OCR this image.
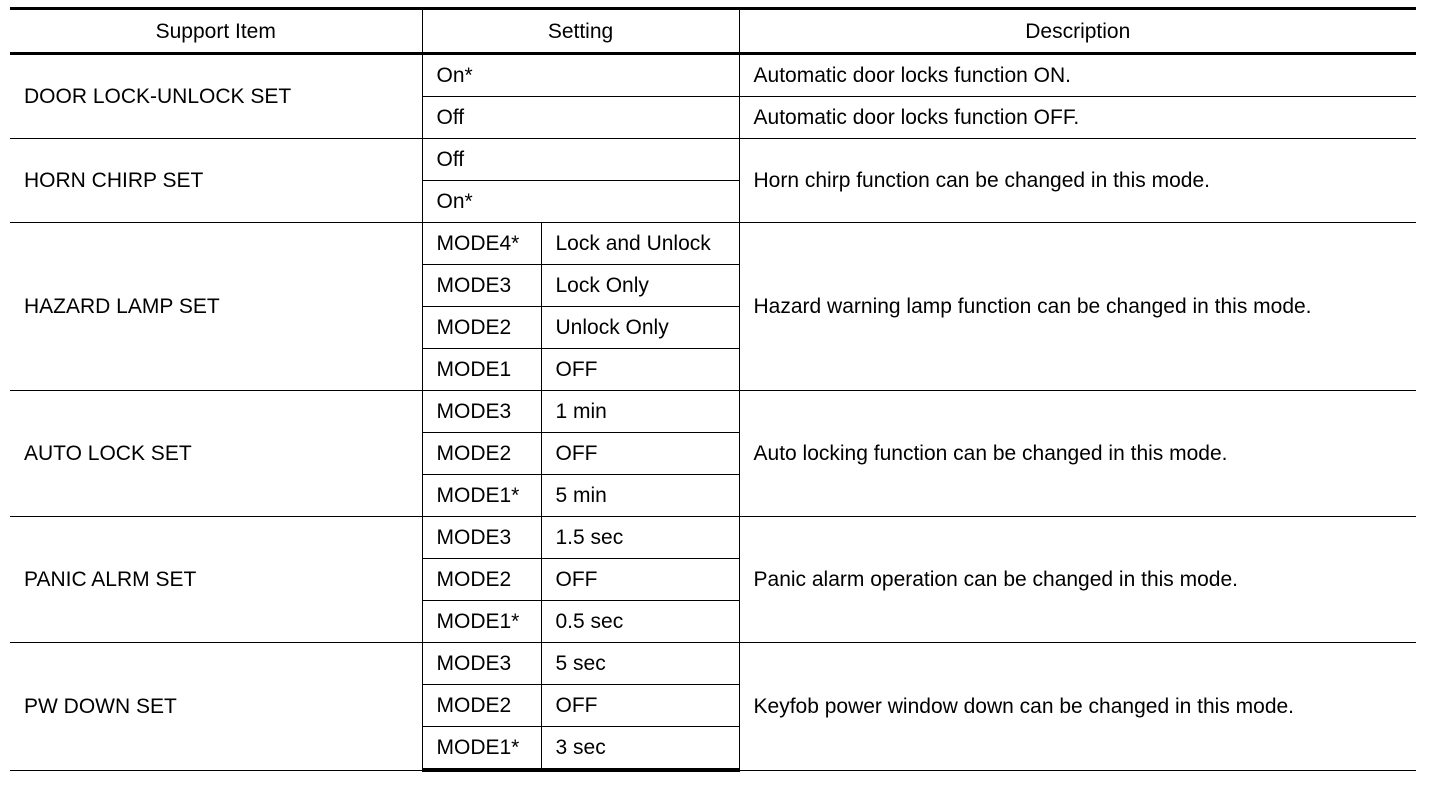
Support Item	Setting		Description
DOOR LOCK-UNLOCK SET	On*		Automatic door locks function ON.
	Off		Automatic door locks function OFF.
HORN CHIRP SET	Off		Horn chirp function can be changed in this mode.
	On*		
HAZARD LAMP SET	MODE4*	Lock and Unlock	Hazard warning lamp function can be changed in this mode.
	MODE3	Lock Only	
	MODE2	Unlock Only	
	MODE1	OFF	
AUTO LOCK SET	MODE3	1 min	Auto locking function can be changed in this mode.
	MODE2	OFF	
	MODE1*	5 min	
PANIC ALRM SET	MODE3	1.5 sec	Panic alarm operation can be changed in this mode.
	MODE2	OFF	
	MODE1*	0.5 sec	
PW DOWN SET	MODE3	5 sec	Keyfob power window down can be changed in this mode.
	MODE2	OFF	
	MODE1*	3 sec	
